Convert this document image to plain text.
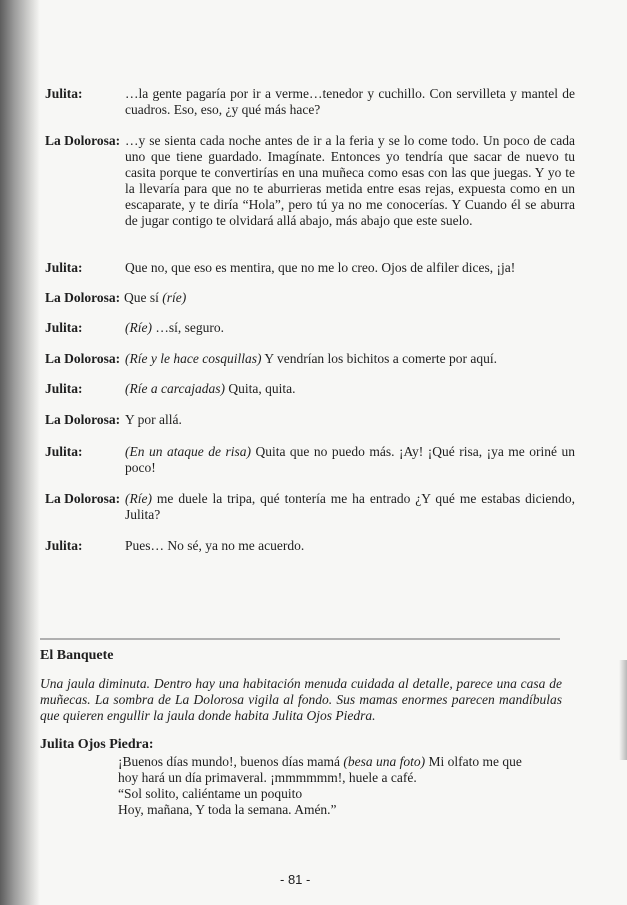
Julita:	…la gente pagaría por ir a verme…tenedor y cuchillo. Con servilleta y mantel de cuadros. Eso, eso, ¿y qué más hace?
La Dolorosa: …y se sienta cada noche antes de ir a la feria y se lo come todo. Un poco de cada uno que tiene guardado. Imagínate. Entonces yo tendría que sacar de nuevo tu casita porque te convertirías en una muñeca como esas con las que juegas. Y yo te la llevaría para que no te aburrieras metida entre esas rejas, expuesta como en un escaparate, y te diría “Hola”, pero tú ya no me conocerías. Y Cuando él se aburra de jugar contigo te olvidará allá abajo, más abajo que este suelo.
Julita:	Que no, que eso es mentira, que no me lo creo. Ojos de alfiler dices, ¡ja!
La Dolorosa: Que sí (ríe)
Julita:	(Ríe) …sí, seguro.
La Dolorosa: (Ríe y le hace cosquillas) Y vendrían los bichitos a comerte por aquí.
Julita:	(Ríe a carcajadas) Quita, quita.
La Dolorosa: Y por allá.
Julita:	(En un ataque de risa) Quita que no puedo más. ¡Ay! ¡Qué risa, ¡ya me oriné un poco!
La Dolorosa: (Ríe) me duele la tripa, qué tontería me ha entrado ¿Y qué me estabas diciendo, Julita?
Julita:	Pues… No sé, ya no me acuerdo.
El Banquete
Una jaula diminuta. Dentro hay una habitación menuda cuidada al detalle, parece una casa de muñecas. La sombra de La Dolorosa vigila al fondo. Sus mamas enormes parecen mandíbulas que quieren engullir la jaula donde habita Julita Ojos Piedra.
Julita Ojos Piedra:
¡Buenos días mundo!, buenos días mamá (besa una foto) Mi olfato me que
hoy hará un día primaveral. ¡mmmmmm!, huele a café.
“Sol solito, caliéntame un poquito
Hoy, mañana, Y toda la semana. Amén.”
- 81 -
